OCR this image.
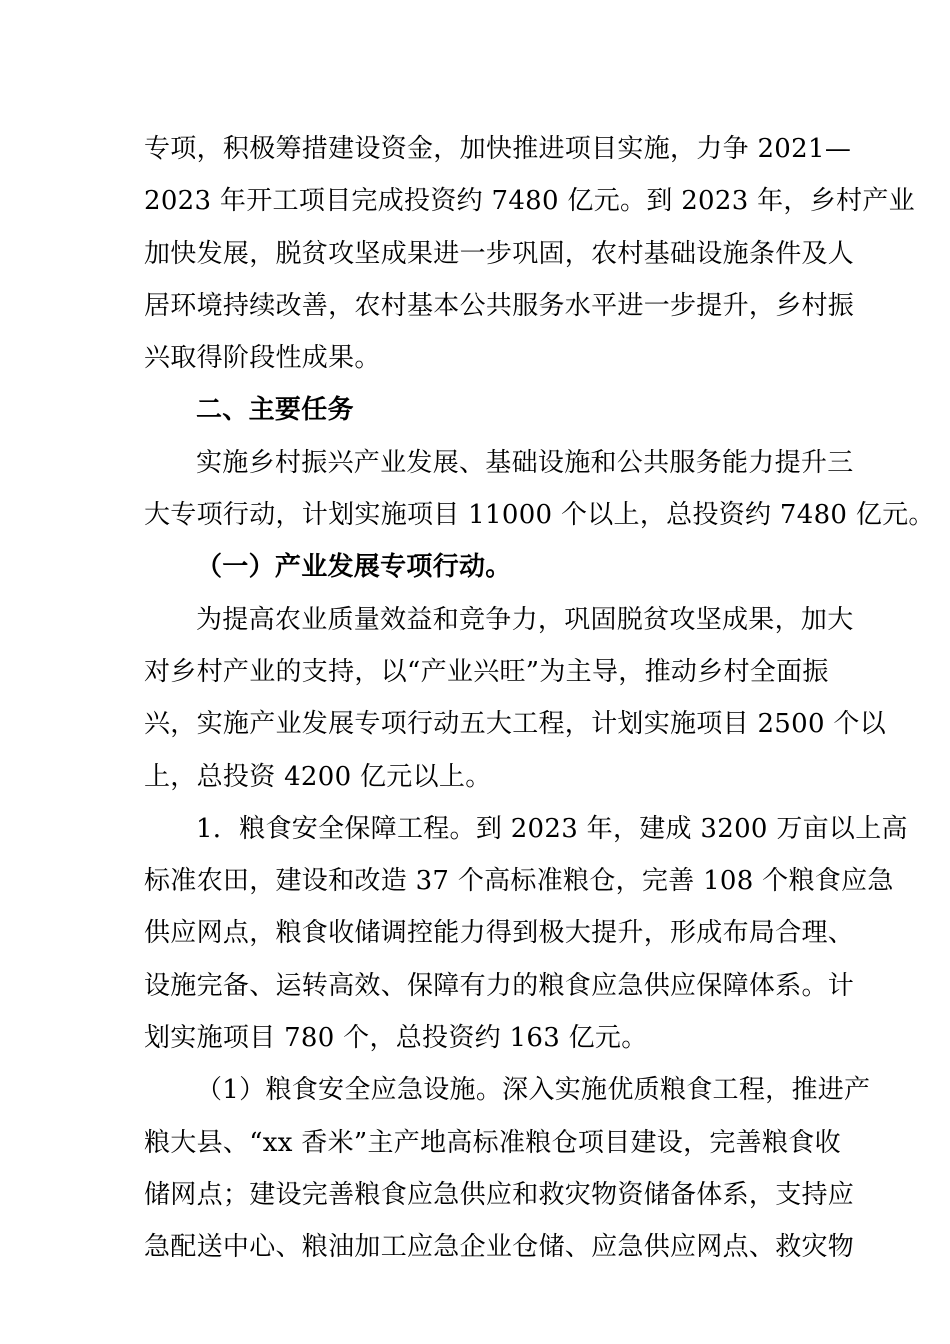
专项，积极筹措建设资金，加快推进项目实施，力争 2021—
2023 年开工项目完成投资约 7480 亿元。到 2023 年，乡村产业
加快发展，脱贫攻坚成果进一步巩固，农村基础设施条件及人
居环境持续改善，农村基本公共服务水平进一步提升，乡村振
兴取得阶段性成果。
二、主要任务
实施乡村振兴产业发展、基础设施和公共服务能力提升三
大专项行动，计划实施项目 11000 个以上，总投资约 7480 亿元。
（一）产业发展专项行动。
为提高农业质量效益和竞争力，巩固脱贫攻坚成果，加大
对乡村产业的支持，以“产业兴旺”为主导，推动乡村全面振
兴，实施产业发展专项行动五大工程，计划实施项目 2500 个以
上，总投资 4200 亿元以上。
1．粮食安全保障工程。到 2023 年，建成 3200 万亩以上高
标准农田，建设和改造 37 个高标准粮仓，完善 108 个粮食应急
供应网点，粮食收储调控能力得到极大提升，形成布局合理、
设施完备、运转高效、保障有力的粮食应急供应保障体系。计
划实施项目 780 个，总投资约 163 亿元。
（1）粮食安全应急设施。深入实施优质粮食工程，推进产
粮大县、“xx 香米”主产地高标准粮仓项目建设，完善粮食收
储网点；建设完善粮食应急供应和救灾物资储备体系，支持应
急配送中心、粮油加工应急企业仓储、应急供应网点、救灾物
